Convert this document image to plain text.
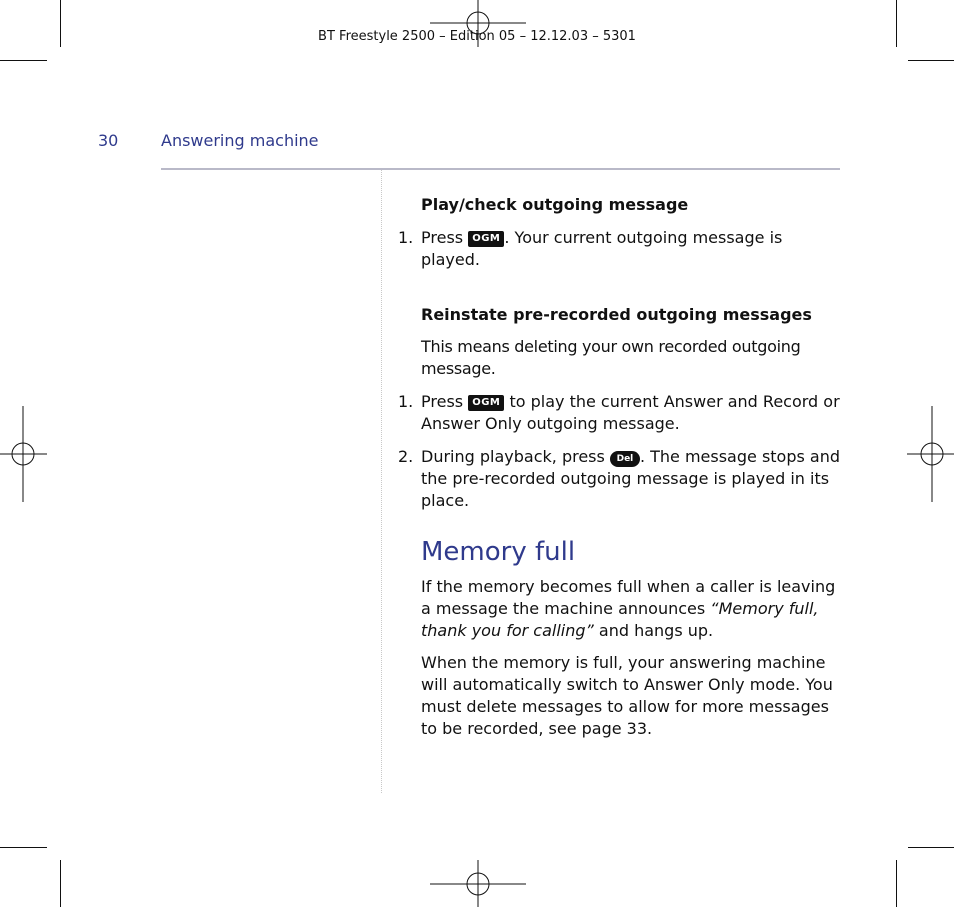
BT Freestyle 2500 – Edition 05 – 12.12.03 – 5301
30	Answering machine

Play/check outgoing message

1. Press OGM . Your current outgoing message is played.

Reinstate pre-recorded outgoing messages

This means deleting your own recorded outgoing message.

1. Press OGM to play the current Answer and Record or Answer Only outgoing message.
2. During playback, press Del . The message stops and the pre-recorded outgoing message is played in its place.
Memory full

If the memory becomes full when a caller is leaving a message the machine announces “Memory full, thank you for calling” and hangs up.

When the memory is full, your answering machine will automatically switch to Answer Only mode. You must delete messages to allow for more messages to be recorded, see page 33.
